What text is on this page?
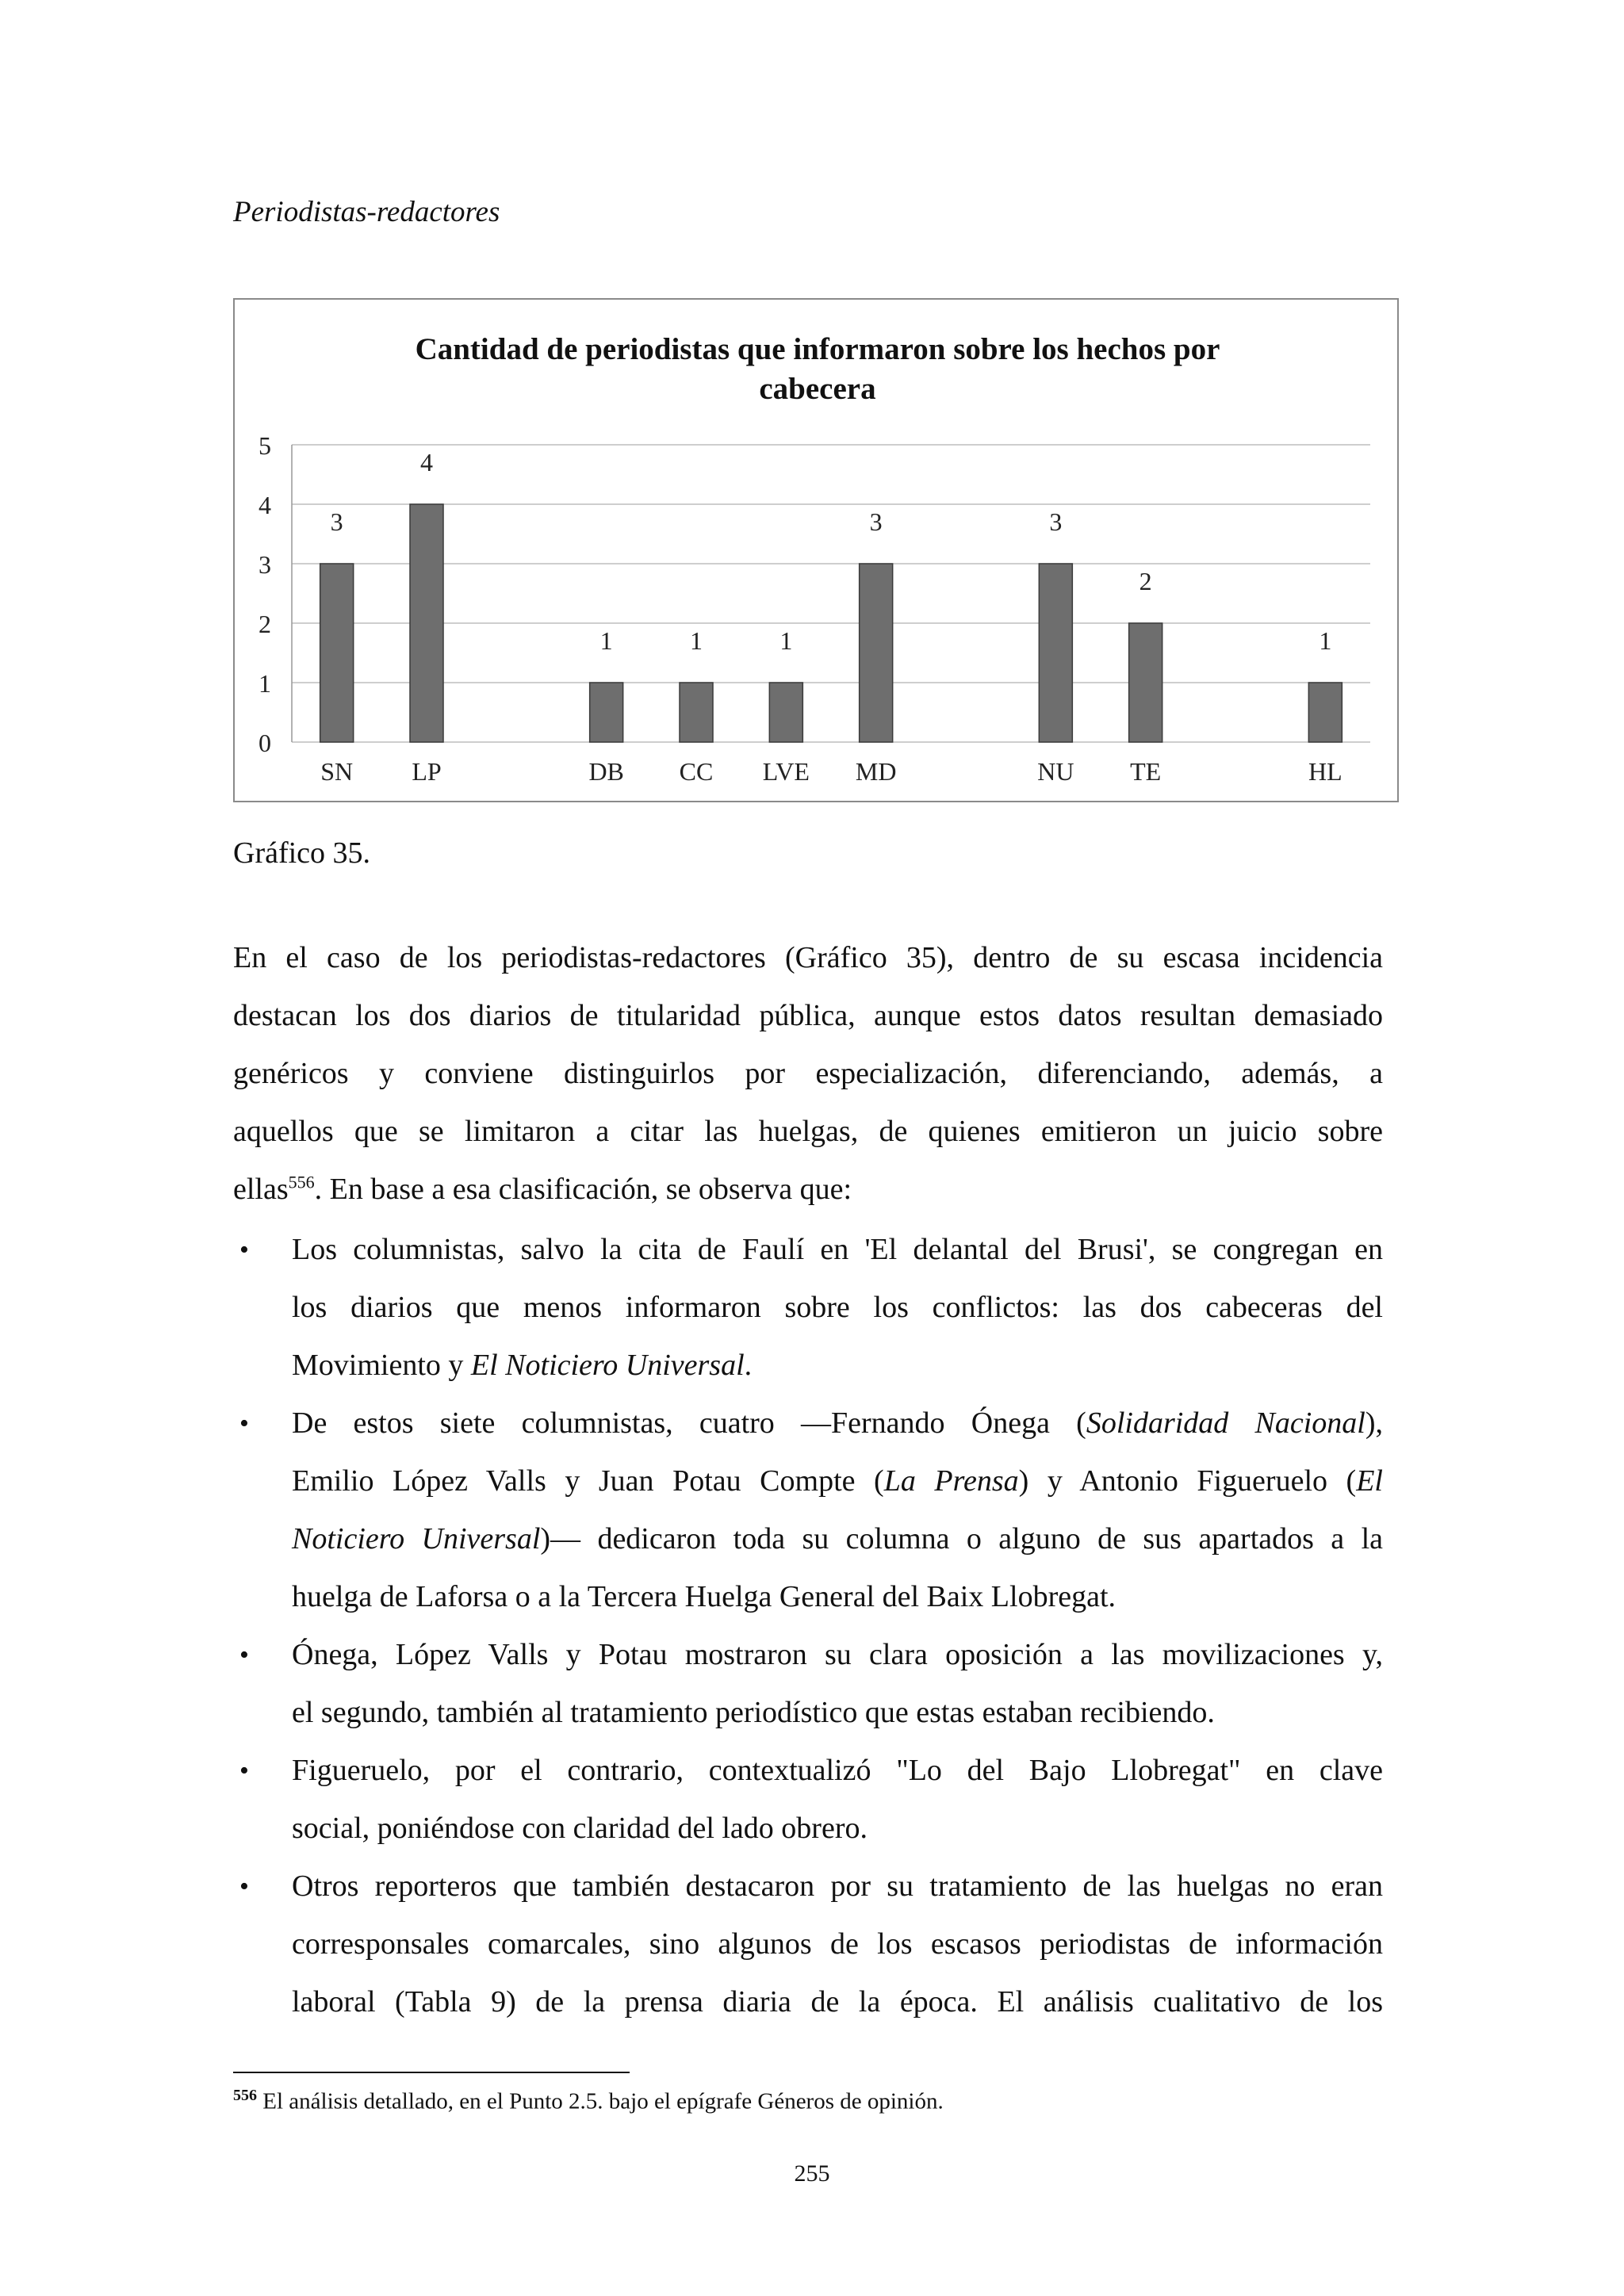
Periodistas-redactores
Cantidad de periodistas que informaron sobre los hechos por
cabecera
0
1
2
3
4
5
3
SN
4
LP
1
DB
1
CC
1
LVE
3
MD
3
NU
2
TE
1
HL
Gráfico 35.
En el caso de los periodistas-redactores (Gráfico 35), dentro de su escasa incidencia
destacan los dos diarios de titularidad pública, aunque estos datos resultan demasiado
genéricos y conviene distinguirlos por especialización, diferenciando, además, a
aquellos que se limitaron a citar las huelgas, de quienes emitieron un juicio sobre
ellas$^{556}$. En base a esa clasificación, se observa que:
• Los columnistas, salvo la cita de Faulí en 'El delantal del Brusi', se congregan en
los diarios que menos informaron sobre los conflictos: las dos cabeceras del
Movimiento y El Noticiero Universal.
• De estos siete columnistas, cuatro —Fernando Ónega (Solidaridad Nacional),
Emilio López Valls y Juan Potau Compte (La Prensa) y Antonio Figueruelo (El
Noticiero Universal)— dedicaron toda su columna o alguno de sus apartados a la
huelga de Laforsa o a la Tercera Huelga General del Baix Llobregat.
• Ónega, López Valls y Potau mostraron su clara oposición a las movilizaciones y,
el segundo, también al tratamiento periodístico que estas estaban recibiendo.
• Figueruelo, por el contrario, contextualizó "Lo del Bajo Llobregat" en clave
social, poniéndose con claridad del lado obrero.
• Otros reporteros que también destacaron por su tratamiento de las huelgas no eran
corresponsales comarcales, sino algunos de los escasos periodistas de información
laboral (Tabla 9) de la prensa diaria de la época. El análisis cualitativo de los
$^{556}$ El análisis detallado, en el Punto 2.5. bajo el epígrafe Géneros de opinión.
255
